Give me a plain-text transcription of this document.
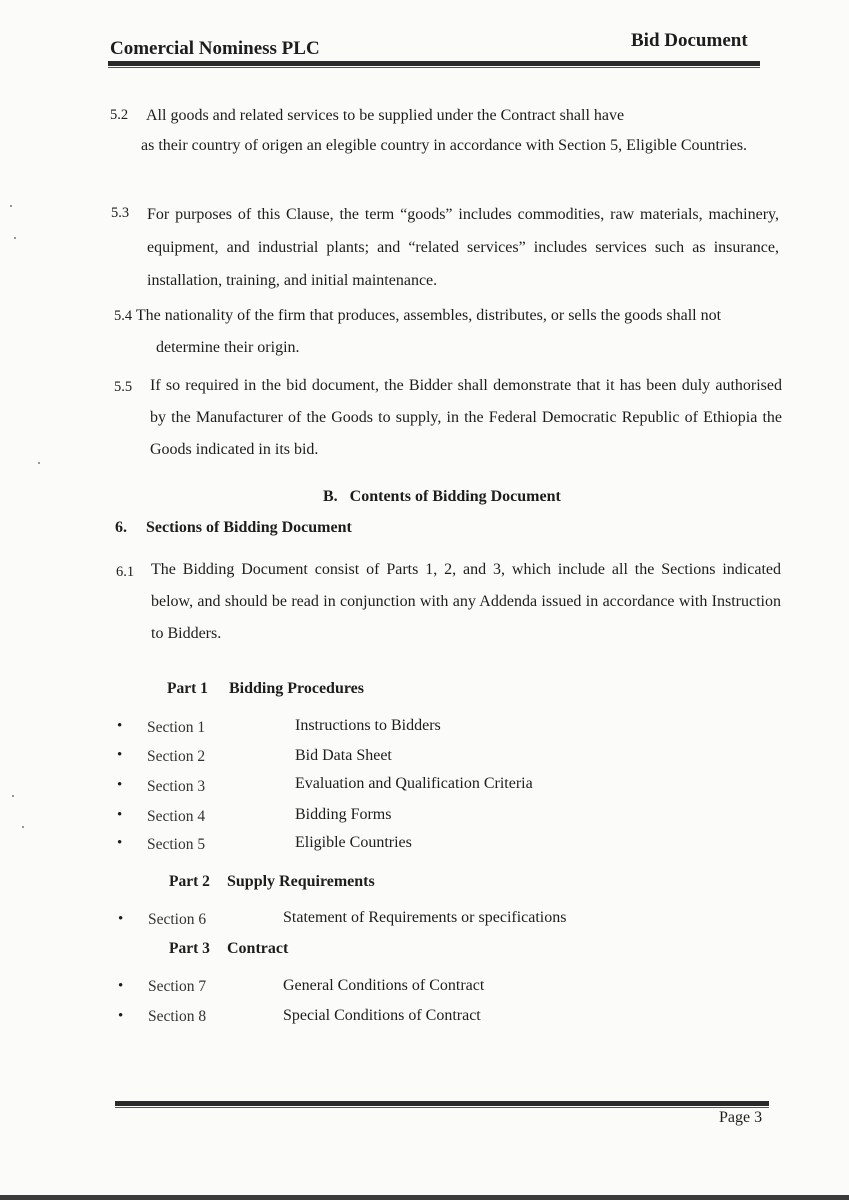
Comercial Nominess PLC	Bid Document
5.2 All goods and related services to be supplied under the Contract shall have
as their country of origen an elegible country in accordance with Section 5, Eligible Countries.
5.3 For purposes of this Clause, the term “goods” includes commodities, raw materials, machinery, equipment, and industrial plants; and “related services” includes services such as insurance, installation, training, and initial maintenance.
5.4 The nationality of the firm that produces, assembles, distributes, or sells the goods shall not
determine their origin.
5.5 If so required in the bid document, the Bidder shall demonstrate that it has been duly authorised by the Manufacturer of the Goods to supply, in the Federal Democratic Republic of Ethiopia the Goods indicated in its bid.
B. Contents of Bidding Document
6. Sections of Bidding Document
6.1 The Bidding Document consist of Parts 1, 2, and 3, which include all the Sections indicated below, and should be read in conjunction with any Addenda issued in accordance with Instruction to Bidders.
Part 1 Bidding Procedures
• Section 1	Instructions to Bidders
• Section 2	Bid Data Sheet
• Section 3	Evaluation and Qualification Criteria
• Section 4	Bidding Forms
• Section 5	Eligible Countries
Part 2 Supply Requirements
• Section 6	Statement of Requirements or specifications
Part 3 Contract
• Section 7	General Conditions of Contract
• Section 8	Special Conditions of Contract
Page 3
